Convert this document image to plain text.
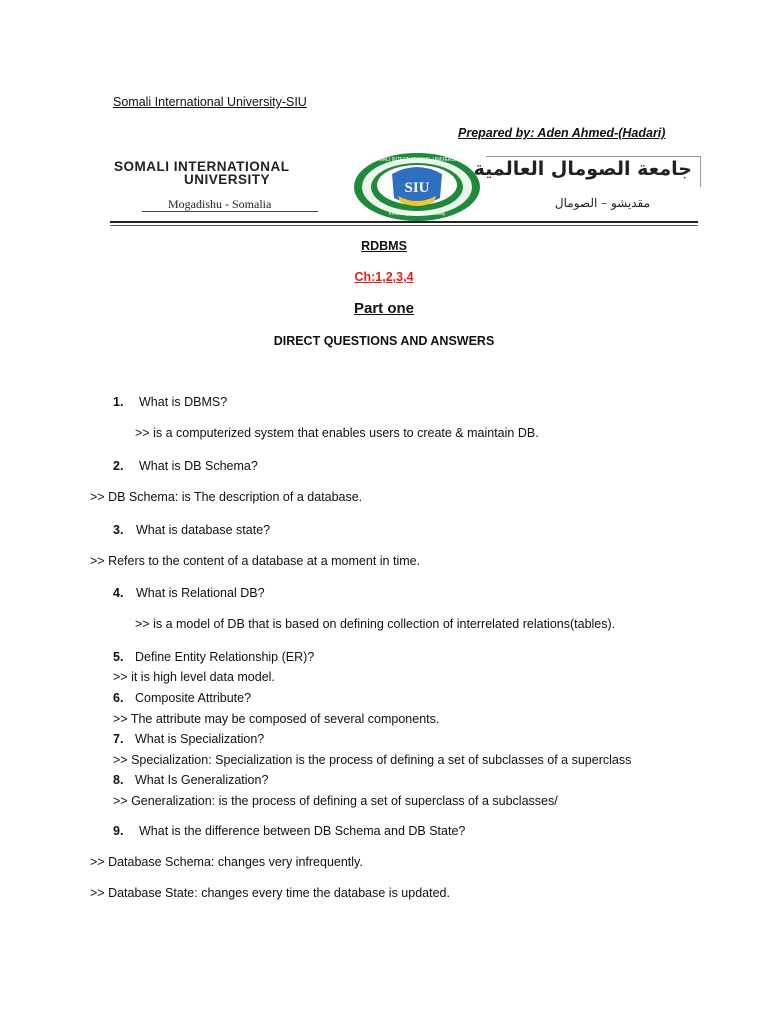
Somali International University-SIU
Prepared by: Aden Ahmed-(Hadari)
SOMALI INTERNATIONAL
UNIVERSITY
Mogadishu - Somalia
SIU
Knowledge, Skills & Morality
SOMALI INTERNATIONAL UNIVERSITY جامعة الصومال العالمية
مقديشو – الصومال
RDBMS
Ch:1,2,3,4
Part one
DIRECT QUESTIONS AND ANSWERS
1. What is DBMS?
>> is a computerized system that enables users to create & maintain DB.
2. What is DB Schema?
>> DB Schema: is The description of a database.
3. What is database state?
>> Refers to the content of a database at a moment in time.
4. What is Relational DB?
>> is a model of DB that is based on defining collection of interrelated relations(tables).
5. Define Entity Relationship (ER)?
>> it is high level data model.
6. Composite Attribute?
>> The attribute may be composed of several components.
7. What is Specialization?
>> Specialization: Specialization is the process of defining a set of subclasses of a superclass
8. What Is Generalization?
>> Generalization: is the process of defining a set of superclass of a subclasses/
9. What is the difference between DB Schema and DB State?
>> Database Schema: changes very infrequently.
>> Database State: changes every time the database is updated.
